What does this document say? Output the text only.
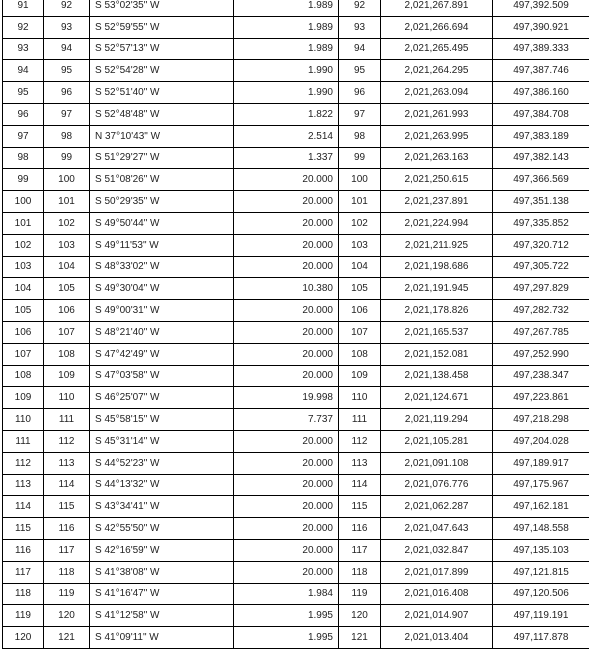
91	92	S 53°02'35" W	1.989	92	2,021,267.891	497,392.509
92	93	S 52°59'55" W	1.989	93	2,021,266.694	497,390.921
93	94	S 52°57'13" W	1.989	94	2,021,265.495	497,389.333
94	95	S 52°54'28" W	1.990	95	2,021,264.295	497,387.746
95	96	S 52°51'40" W	1.990	96	2,021,263.094	497,386.160
96	97	S 52°48'48" W	1.822	97	2,021,261.993	497,384.708
97	98	N 37°10'43" W	2.514	98	2,021,263.995	497,383.189
98	99	S 51°29'27" W	1.337	99	2,021,263.163	497,382.143
99	100	S 51°08'26" W	20.000	100	2,021,250.615	497,366.569
100	101	S 50°29'35" W	20.000	101	2,021,237.891	497,351.138
101	102	S 49°50'44" W	20.000	102	2,021,224.994	497,335.852
102	103	S 49°11'53" W	20.000	103	2,021,211.925	497,320.712
103	104	S 48°33'02" W	20.000	104	2,021,198.686	497,305.722
104	105	S 49°30'04" W	10.380	105	2,021,191.945	497,297.829
105	106	S 49°00'31" W	20.000	106	2,021,178.826	497,282.732
106	107	S 48°21'40" W	20.000	107	2,021,165.537	497,267.785
107	108	S 47°42'49" W	20.000	108	2,021,152.081	497,252.990
108	109	S 47°03'58" W	20.000	109	2,021,138.458	497,238.347
109	110	S 46°25'07" W	19.998	110	2,021,124.671	497,223.861
110	111	S 45°58'15" W	7.737	111	2,021,119.294	497,218.298
111	112	S 45°31'14" W	20.000	112	2,021,105.281	497,204.028
112	113	S 44°52'23" W	20.000	113	2,021,091.108	497,189.917
113	114	S 44°13'32" W	20.000	114	2,021,076.776	497,175.967
114	115	S 43°34'41" W	20.000	115	2,021,062.287	497,162.181
115	116	S 42°55'50" W	20.000	116	2,021,047.643	497,148.558
116	117	S 42°16'59" W	20.000	117	2,021,032.847	497,135.103
117	118	S 41°38'08" W	20.000	118	2,021,017.899	497,121.815
118	119	S 41°16'47" W	1.984	119	2,021,016.408	497,120.506
119	120	S 41°12'58" W	1.995	120	2,021,014.907	497,119.191
120	121	S 41°09'11" W	1.995	121	2,021,013.404	497,117.878
